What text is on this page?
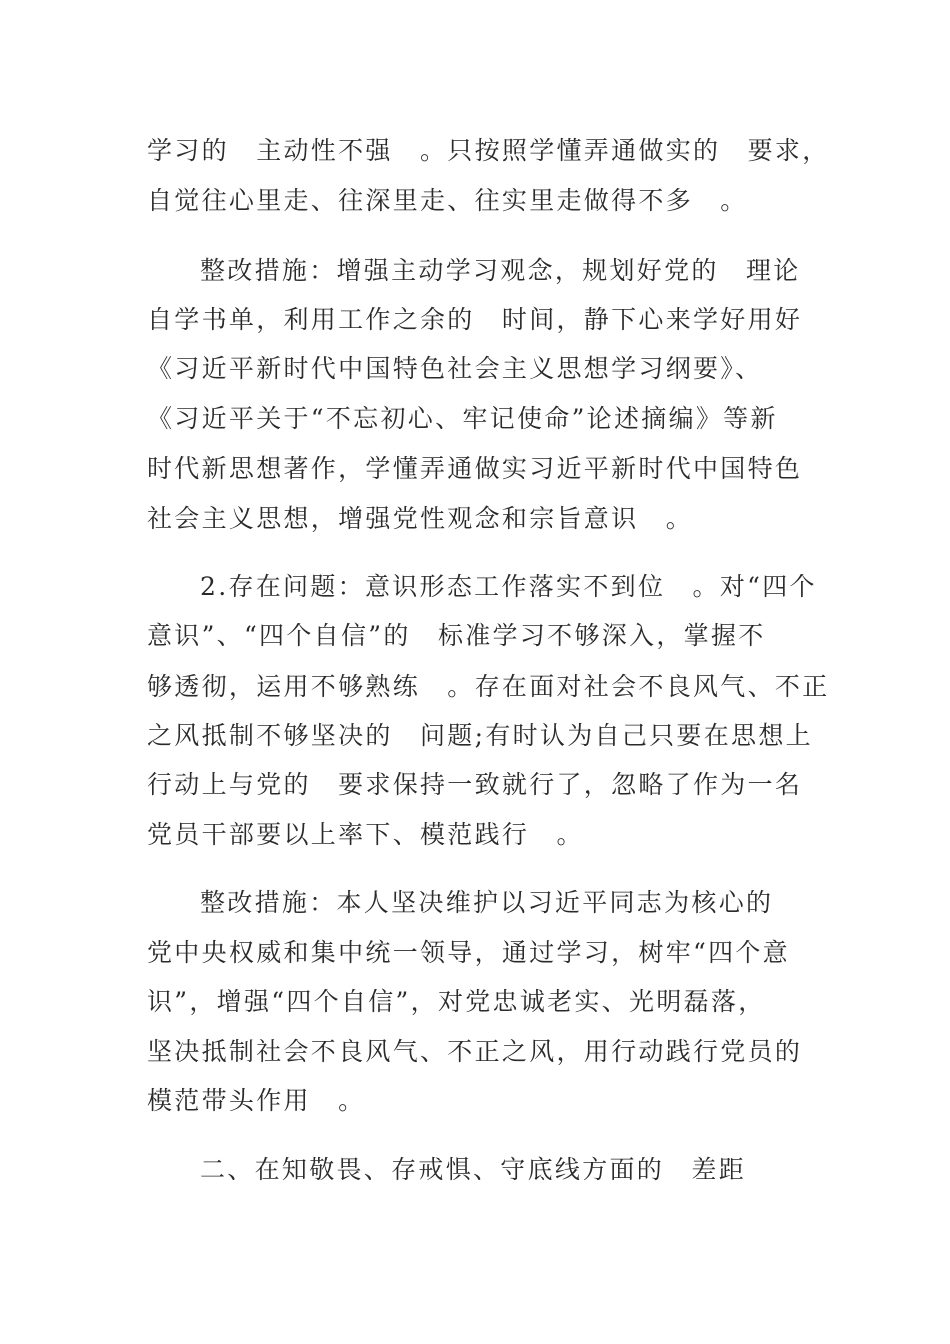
学习的　主动性不强　。只按照学懂弄通做实的　要求，
自觉往心里走、往深里走、往实里走做得不多　。
整改措施：增强主动学习观念，规划好党的　理论
自学书单，利用工作之余的　时间，静下心来学好用好
《习近平新时代中国特色社会主义思想学习纲要》、
《习近平关于“不忘初心、牢记使命”论述摘编》等新
时代新思想著作，学懂弄通做实习近平新时代中国特色
社会主义思想，增强党性观念和宗旨意识　。
2.存在问题：意识形态工作落实不到位　。对“四个
意识”、“四个自信”的　标准学习不够深入，掌握不
够透彻，运用不够熟练　。存在面对社会不良风气、不正
之风抵制不够坚决的　问题;有时认为自己只要在思想上
行动上与党的　要求保持一致就行了，忽略了作为一名
党员干部要以上率下、模范践行　。
整改措施：本人坚决维护以习近平同志为核心的
党中央权威和集中统一领导，通过学习，树牢“四个意
识”，增强“四个自信”，对党忠诚老实、光明磊落，
坚决抵制社会不良风气、不正之风，用行动践行党员的
模范带头作用　。
二、在知敬畏、存戒惧、守底线方面的　差距
